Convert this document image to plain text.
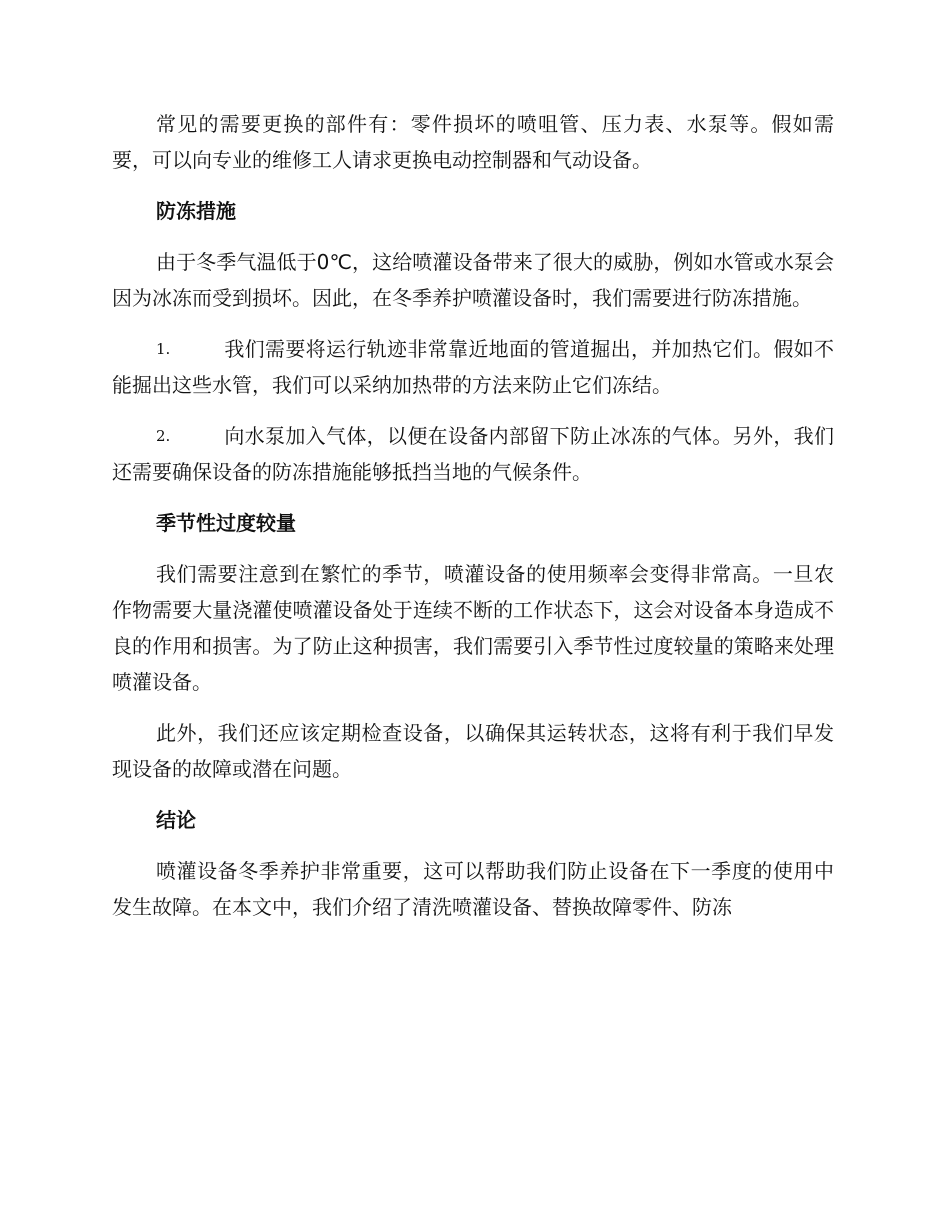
常见的需要更换的部件有：零件损坏的喷咀管、压力表、水泵等。假如需要，可以向专业的维修工人请求更换电动控制器和气动设备。

防冻措施

由于冬季气温低于0℃，这给喷灌设备带来了很大的威胁，例如水管或水泵会因为冰冻而受到损坏。因此，在冬季养护喷灌设备时，我们需要进行防冻措施。

1.	我们需要将运行轨迹非常靠近地面的管道掘出，并加热它们。假如不能掘出这些水管，我们可以采纳加热带的方法来防止它们冻结。

2.	向水泵加入气体，以便在设备内部留下防止冰冻的气体。另外，我们还需要确保设备的防冻措施能够抵挡当地的气候条件。

季节性过度较量

我们需要注意到在繁忙的季节，喷灌设备的使用频率会变得非常高。一旦农作物需要大量浇灌使喷灌设备处于连续不断的工作状态下，这会对设备本身造成不良的作用和损害。为了防止这种损害，我们需要引入季节性过度较量的策略来处理喷灌设备。

此外，我们还应该定期检查设备，以确保其运转状态，这将有利于我们早发现设备的故障或潜在问题。

结论

喷灌设备冬季养护非常重要，这可以帮助我们防止设备在下一季度的使用中发生故障。在本文中，我们介绍了清洗喷灌设备、替换故障零件、防冻
